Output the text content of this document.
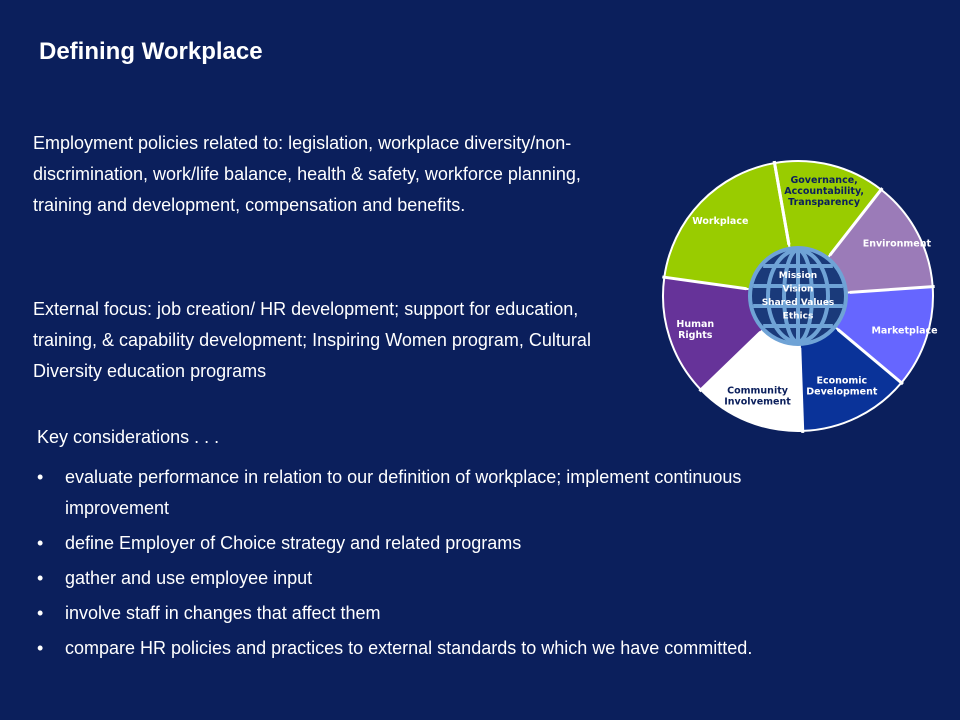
Defining Workplace

Employment policies related to: legislation, workplace diversity/non-discrimination, work/life balance, health & safety, workforce planning, training and development, compensation and benefits.

External focus: job creation/ HR development; support for education, training, & capability development; Inspiring Women program, Cultural Diversity education programs

Key considerations . . .

• evaluate performance in relation to our definition of workplace; implement continuous improvement
• define Employer of Choice strategy and related programs
• gather and use employee input
• involve staff in changes that affect them
• compare HR policies and practices to external standards to which we have committed.
Governance, Accountability, Transparency
Environment
Marketplace
Economic Development
Community Involvement
Human Rights
Workplace
Mission Vision Shared Values Ethics
